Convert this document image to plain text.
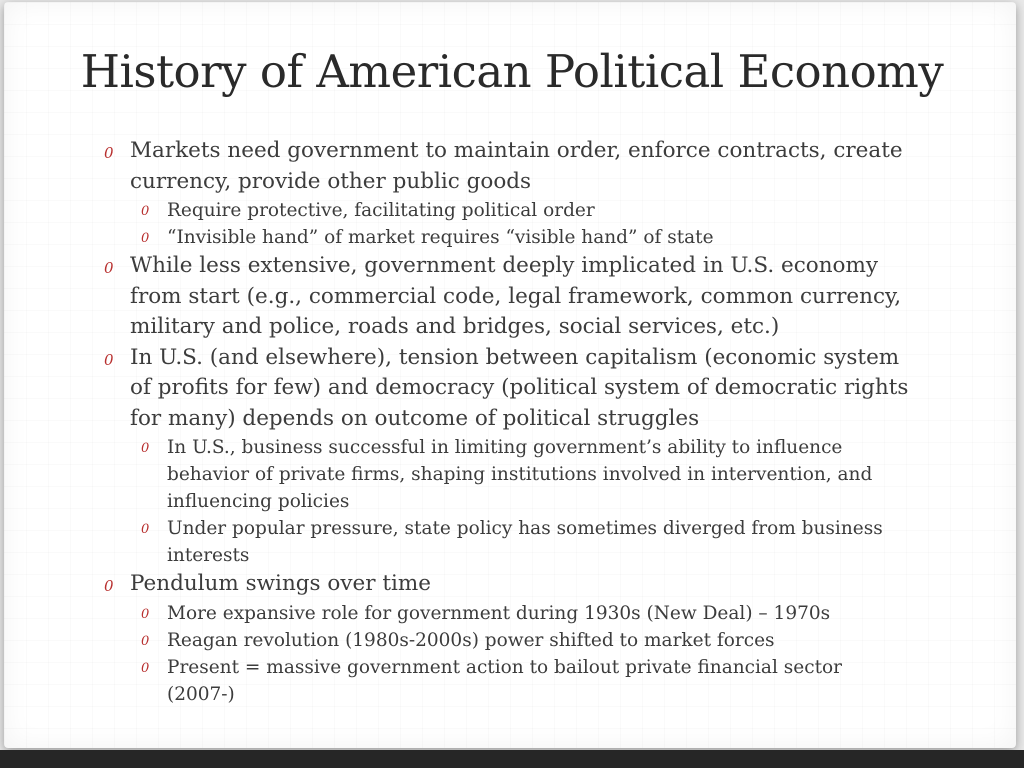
History of American Political Economy
0 Markets need government to maintain order, enforce contracts, create currency, provide other public goods
0 Require protective, facilitating political order
0 “Invisible hand” of market requires “visible hand” of state
0 While less extensive, government deeply implicated in U.S. economy from start (e.g., commercial code, legal framework, common currency, military and police, roads and bridges, social services, etc.)
0 In U.S. (and elsewhere), tension between capitalism (economic system of profits for few) and democracy (political system of democratic rights for many) depends on outcome of political struggles
0 In U.S., business successful in limiting government’s ability to influence behavior of private firms, shaping institutions involved in intervention, and influencing policies
0 Under popular pressure, state policy has sometimes diverged from business interests
0 Pendulum swings over time
0 More expansive role for government during 1930s (New Deal) – 1970s
0 Reagan revolution (1980s-2000s) power shifted to market forces
0 Present = massive government action to bailout private financial sector (2007-)
